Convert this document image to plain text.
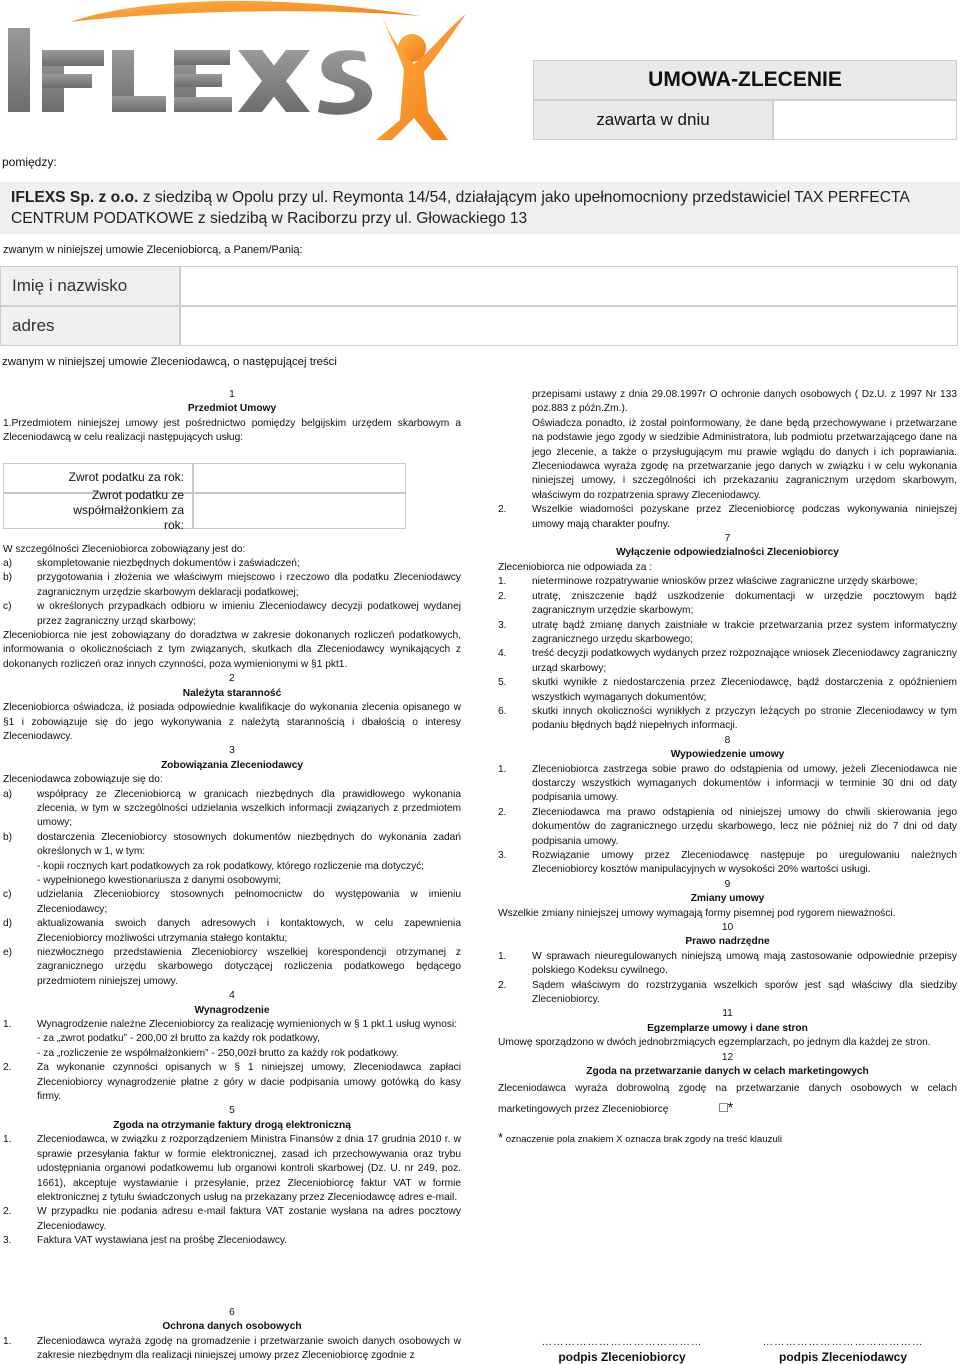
UMOWA-ZLECENIE
zawarta w dniu
pomiędzy:
IFLEXS Sp. z o.o. z siedzibą w Opolu przy ul. Reymonta 14/54, działającym jako upełnomocniony przedstawiciel TAX PERFECTA CENTRUM PODATKOWE z siedzibą w Raciborzu przy ul. Głowackiego 13
zwanym w niniejszej umowie Zleceniobiorcą, a Panem/Panią:
Imię i nazwisko
adres
zwanym w niniejszej umowie Zleceniodawcą, o następującej treści
1
Przedmiot Umowy
1.Przedmiotem niniejszej umowy jest pośrednictwo pomiędzy belgijskim urzędem skarbowym a Zleceniodawcą w celu realizacji następujących usług:
Zwrot podatku za rok:
Zwrot podatku ze współmałżonkiem za rok:
W szczególności Zleceniobiorca zobowiązany jest do:
a)	skompletowanie niezbędnych dokumentów i zaświadczeń;
b)	przygotowania i złożenia we właściwym miejscowo i rzeczowo dla podatku Zleceniodawcy zagranicznym urzędzie skarbowym deklaracji podatkowej;
c)	w określonych przypadkach odbioru w imieniu Zleceniodawcy decyzji podatkowej wydanej przez zagraniczny urząd skarbowy;
Zleceniobiorca nie jest zobowiązany do doradztwa w zakresie dokonanych rozliczeń podatkowych, informowania o okolicznościach z tym związanych, skutkach dla Zleceniodawcy wynikających z dokonanych rozliczeń oraz innych czynności, poza wymienionymi w §1 pkt1.
2
Należyta staranność
Zleceniobiorca oświadcza, iż posiada odpowiednie kwalifikacje do wykonania zlecenia opisanego w §1 i zobowiązuje się do jego wykonywania z należytą starannością i dbałością o interesy Zleceniodawcy.
3
Zobowiązania Zleceniodawcy
Zleceniodawca zobowiązuje się do:
a)	współpracy ze Zleceniobiorcą w granicach niezbędnych dla prawidłowego wykonania zlecenia, w tym w szczególności udzielania wszelkich informacji związanych z przedmiotem umowy;
b)	dostarczenia Zleceniobiorcy stosownych dokumentów niezbędnych do wykonania zadań określonych w 1, w tym:
- kopii rocznych kart podatkowych za rok podatkowy, którego rozliczenie ma dotyczyć;
- wypełnionego kwestionariusza z danymi osobowymi;
c)	udzielania Zleceniobiorcy stosownych pełnomocnictw do występowania w imieniu Zleceniodawcy;
d)	aktualizowania swoich danych adresowych i kontaktowych, w celu zapewnienia Zleceniobiorcy możliwości utrzymania stałego kontaktu;
e)	niezwłocznego przedstawienia Zleceniobiorcy wszelkiej korespondencji otrzymanej z zagranicznego urzędu skarbowego dotyczącej rozliczenia podatkowego będącego przedmiotem niniejszej umowy.
4
Wynagrodzenie
1.	Wynagrodzenie należne Zleceniobiorcy za realizację wymienionych w § 1 pkt.1 usług wynosi:
- za „zwrot podatku” - 200,00 zł brutto za każdy rok podatkowy,
- za „rozliczenie ze współmałżonkiem” - 250,00zł brutto za każdy rok podatkowy.
2.	Za wykonanie czynności opisanych w § 1 niniejszej umowy, Zleceniodawca zapłaci Zleceniobiorcy wynagrodzenie płatne z góry w dacie podpisania umowy gotówką do kasy firmy.
5
Zgoda na otrzymanie faktury drogą elektroniczną
1.	Zleceniodawca, w związku z rozporządzeniem Ministra Finansów z dnia 17 grudnia 2010 r. w sprawie przesyłania faktur w formie elektronicznej, zasad ich przechowywania oraz trybu udostępniania organowi podatkowemu lub organowi kontroli skarbowej (Dz. U. nr 249, poz. 1661), akceptuje wystawianie i przesyłanie, przez Zleceniobiorcę faktur VAT w formie elektronicznej z tytułu świadczonych usług na przekazany przez Zleceniodawcę adres e-mail.
2.	W przypadku nie podania adresu e-mail faktura VAT zostanie wysłana na adres pocztowy Zleceniodawcy.
3.	Faktura VAT wystawiana jest na prośbę Zleceniodawcy.
6
Ochrona danych osobowych
1.	Zleceniodawca wyraża zgodę na gromadzenie i przetwarzanie swoich danych osobowych w zakresie niezbędnym dla realizacji niniejszej umowy przez Zleceniobiorcę zgodnie z
przepisami ustawy z dnia 29.08.1997r O ochronie danych osobowych ( Dz.U. z 1997 Nr 133 poz.883 z późn.Zm.).
Oświadcza ponadto, iż został poinformowany, że dane będą przechowywane i przetwarzane na podstawie jego zgody w siedzibie Administratora, lub podmiotu przetwarzającego dane na jego zlecenie, a także o przysługującym mu prawie wglądu do danych i ich poprawiania. Zleceniodawca wyraża zgodę na przetwarzanie jego danych w związku i w celu wykonania niniejszej umowy, i szczególności ich przekazaniu zagranicznym urzędom skarbowym, właściwym do rozpatrzenia sprawy Zleceniodawcy.
2.	Wszelkie wiadomości pozyskane przez Zleceniobiorcę podczas wykonywania niniejszej umowy mają charakter poufny.
7
Wyłączenie odpowiedzialności Zleceniobiorcy
Zleceniobiorca nie odpowiada za :
1.	nieterminowe rozpatrywanie wniosków przez właściwe zagraniczne urzędy skarbowe;
2.	utratę, zniszczenie bądź uszkodzenie dokumentacji w urzędzie pocztowym bądź zagranicznym urzędzie skarbowym;
3.	utratę bądź zmianę danych zaistniałe w trakcie przetwarzania przez system informatyczny zagranicznego urzędu skarbowego;
4.	treść decyzji podatkowych wydanych przez rozpoznające wniosek Zleceniodawcy zagraniczny urząd skarbowy;
5.	skutki wynikłe z niedostarczenia przez Zleceniodawcę, bądź dostarczenia z opóźnieniem wszystkich wymaganych dokumentów;
6.	skutki innych okoliczności wynikłych z przyczyn leżących po stronie Zleceniodawcy w tym podaniu błędnych bądź niepełnych informacji.
8
Wypowiedzenie umowy
1.	Zleceniobiorca zastrzega sobie prawo do odstąpienia od umowy, jeżeli Zleceniodawca nie dostarczy wszystkich wymaganych dokumentów i informacji w terminie 30 dni od daty podpisania umowy.
2.	Zleceniodawca ma prawo odstąpienia od niniejszej umowy do chwili skierowania jego dokumentów do zagranicznego urzędu skarbowego, lecz nie później niż do 7 dni od daty podpisania umowy.
3.	Rozwiązanie umowy przez Zleceniodawcę następuje po uregulowaniu należnych Zleceniobiorcy kosztów manipulacyjnych w wysokości 20% wartości usługi.
9
Zmiany umowy
Wszelkie zmiany niniejszej umowy wymagają formy pisemnej pod rygorem nieważności.
10
Prawo nadrzędne
1.	W sprawach nieuregulowanych niniejszą umową mają zastosowanie odpowiednie przepisy polskiego Kodeksu cywilnego.
2.	Sądem właściwym do rozstrzygania wszelkich sporów jest sąd właściwy dla siedziby Zleceniobiorcy.
11
Egzemplarze umowy i dane stron
Umowę sporządzono w dwóch jednobrzmiących egzemplarzach, po jednym dla każdej ze stron.
12
Zgoda na przetwarzanie danych w celach marketingowych
Zleceniodawca wyraża dobrowolną zgodę na przetwarzanie danych osobowych w celach marketingowych przez Zleceniobiorcę	□*
* oznaczenie pola znakiem X oznacza brak zgody na treść klauzuli
……………………………………
podpis Zleceniobiorcy
……………………………………
podpis Zleceniodawcy
